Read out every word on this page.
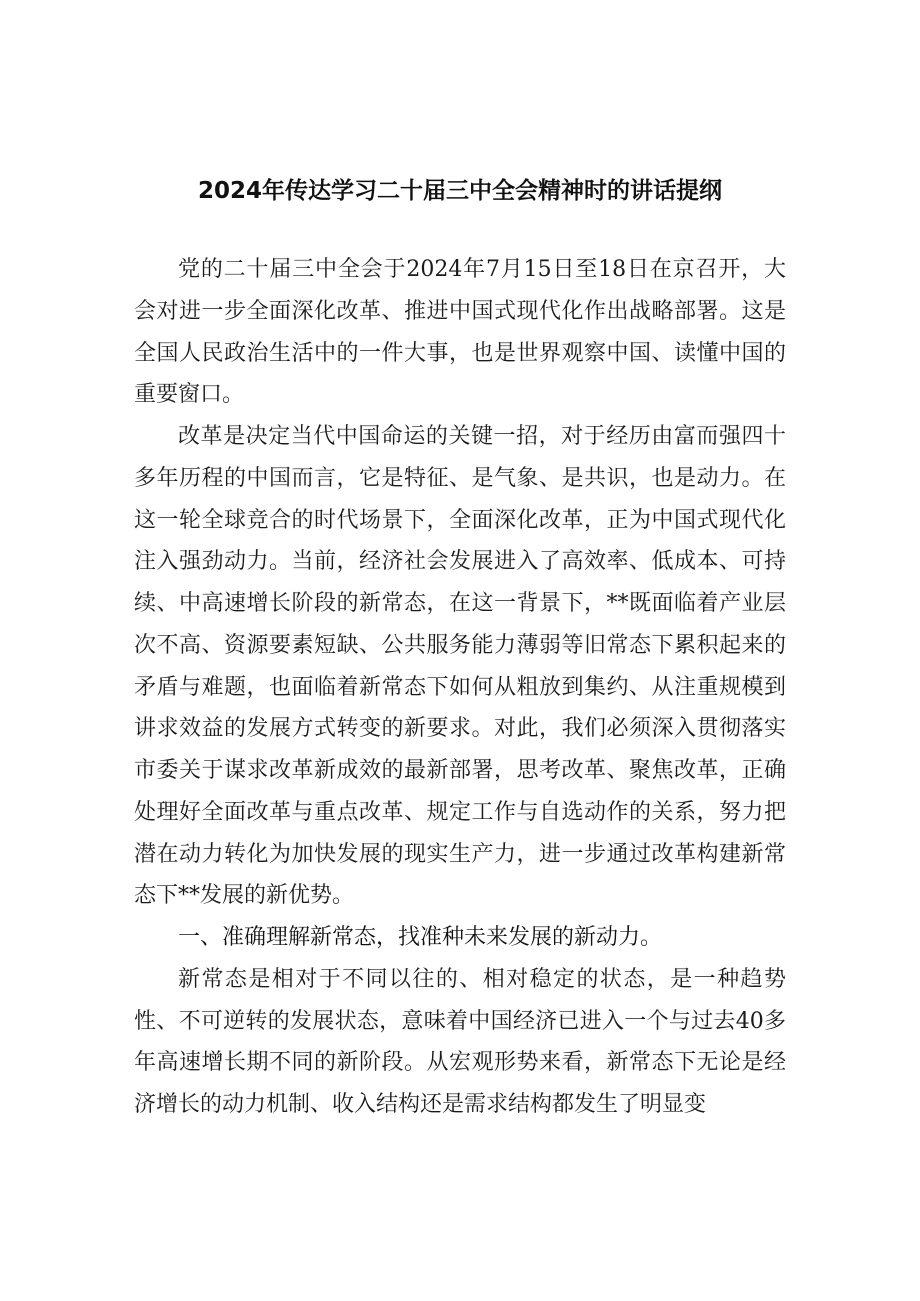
2024年传达学习二十届三中全会精神时的讲话提纲

党的二十届三中全会于2024年7月15日至18日在京召开，大会对进一步全面深化改革、推进中国式现代化作出战略部署。这是全国人民政治生活中的一件大事，也是世界观察中国、读懂中国的重要窗口。

改革是决定当代中国命运的关键一招，对于经历由富而强四十多年历程的中国而言，它是特征、是气象、是共识，也是动力。在这一轮全球竞合的时代场景下，全面深化改革，正为中国式现代化注入强劲动力。当前，经济社会发展进入了高效率、低成本、可持续、中高速增长阶段的新常态，在这一背景下，**既面临着产业层次不高、资源要素短缺、公共服务能力薄弱等旧常态下累积起来的矛盾与难题，也面临着新常态下如何从粗放到集约、从注重规模到讲求效益的发展方式转变的新要求。对此，我们必须深入贯彻落实市委关于谋求改革新成效的最新部署，思考改革、聚焦改革，正确处理好全面改革与重点改革、规定工作与自选动作的关系，努力把潜在动力转化为加快发展的现实生产力，进一步通过改革构建新常态下**发展的新优势。

一、准确理解新常态，找准种未来发展的新动力。

新常态是相对于不同以往的、相对稳定的状态，是一种趋势性、不可逆转的发展状态，意味着中国经济已进入一个与过去40多年高速增长期不同的新阶段。从宏观形势来看，新常态下无论是经济增长的动力机制、收入结构还是需求结构都发生了明显变
